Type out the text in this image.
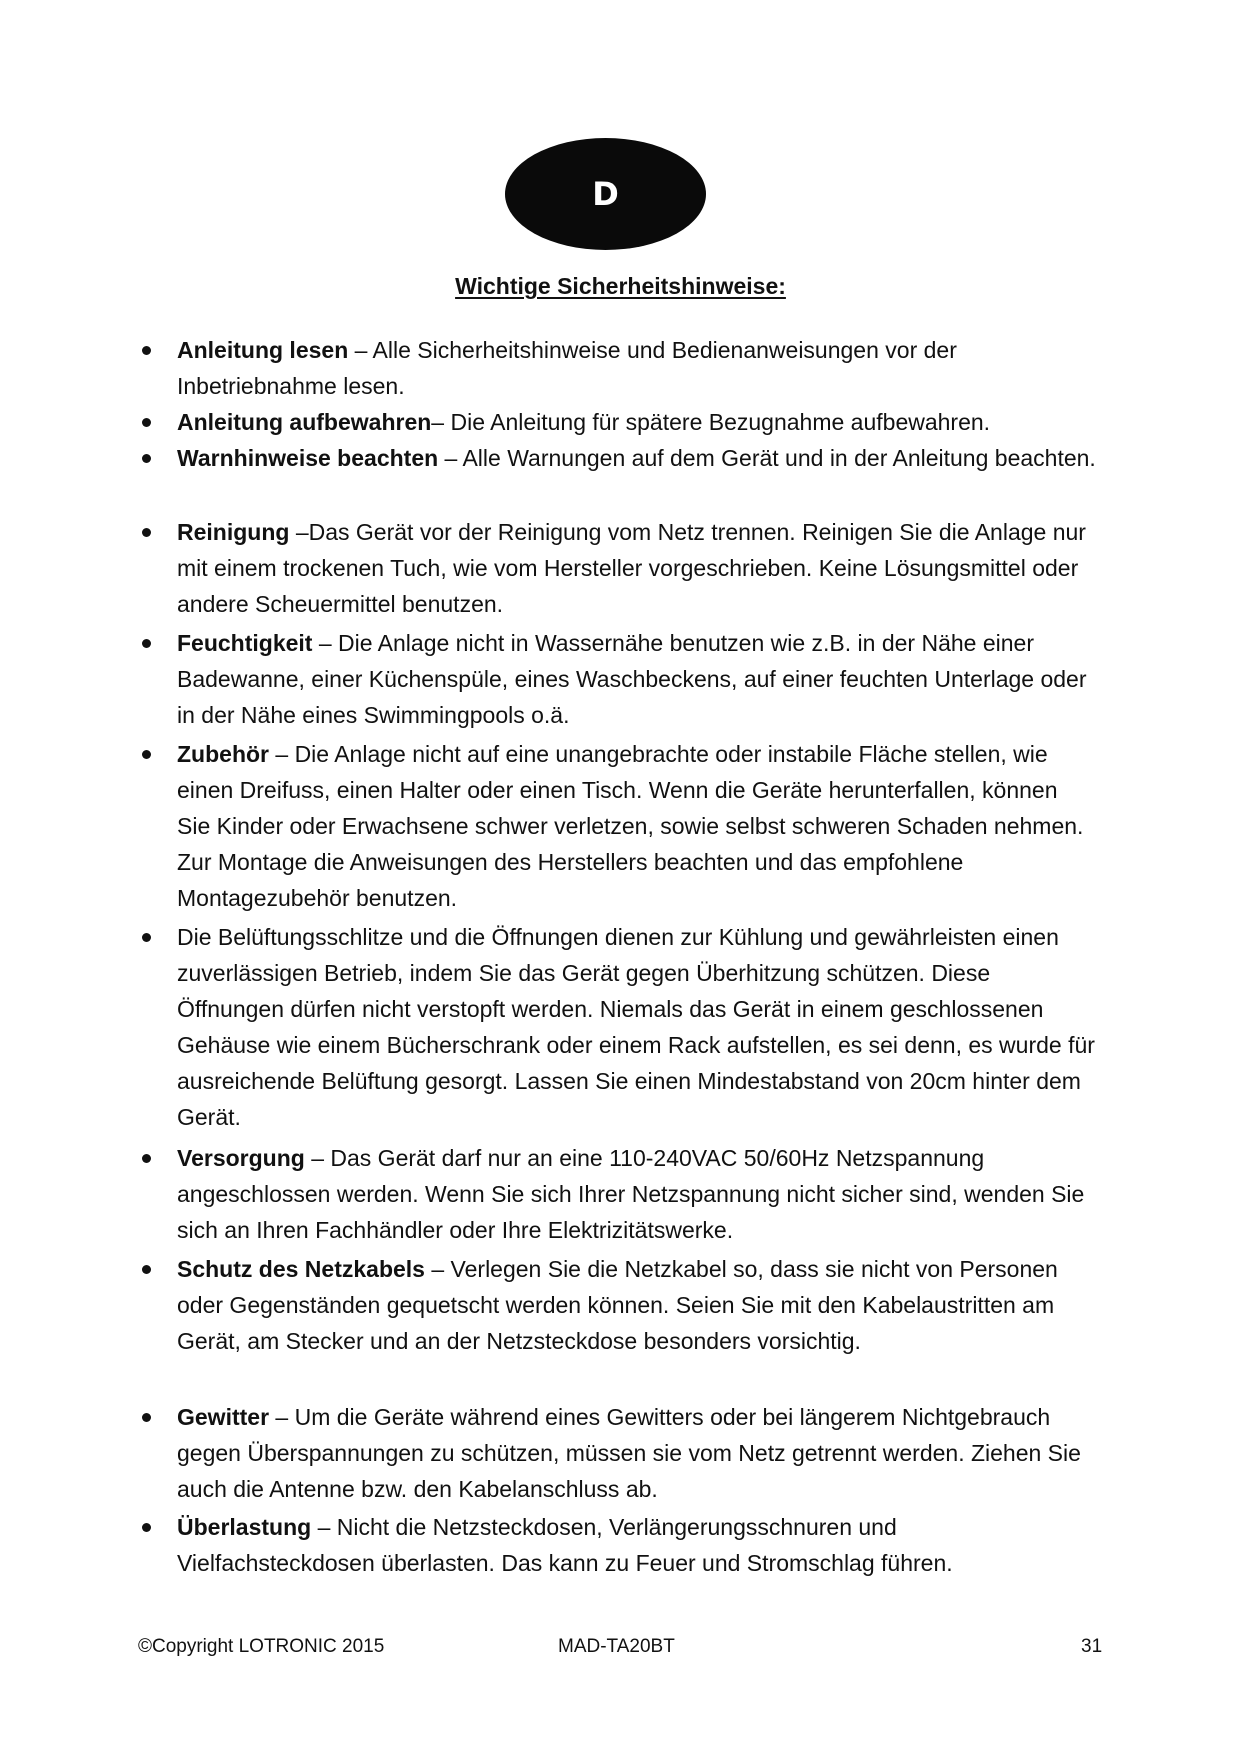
D
Wichtige Sicherheitshinweise:
Anleitung lesen – Alle Sicherheitshinweise und Bedienanweisungen vor der Inbetriebnahme lesen.
Anleitung aufbewahren– Die Anleitung für spätere Bezugnahme aufbewahren.
Warnhinweise beachten – Alle Warnungen auf dem Gerät und in der Anleitung beachten.
Reinigung –Das Gerät vor der Reinigung vom Netz trennen. Reinigen Sie die Anlage nur mit einem trockenen Tuch, wie vom Hersteller vorgeschrieben. Keine Lösungsmittel oder andere Scheuermittel benutzen.
Feuchtigkeit – Die Anlage nicht in Wassernähe benutzen wie z.B. in der Nähe einer Badewanne, einer Küchenspüle, eines Waschbeckens, auf einer feuchten Unterlage oder in der Nähe eines Swimmingpools o.ä.
Zubehör – Die Anlage nicht auf eine unangebrachte oder instabile Fläche stellen, wie einen Dreifuss, einen Halter oder einen Tisch. Wenn die Geräte herunterfallen, können Sie Kinder oder Erwachsene schwer verletzen, sowie selbst schweren Schaden nehmen. Zur Montage die Anweisungen des Herstellers beachten und das empfohlene Montagezubehör benutzen.
Die Belüftungsschlitze und die Öffnungen dienen zur Kühlung und gewährleisten einen zuverlässigen Betrieb, indem Sie das Gerät gegen Überhitzung schützen. Diese Öffnungen dürfen nicht verstopft werden. Niemals das Gerät in einem geschlossenen Gehäuse wie einem Bücherschrank oder einem Rack aufstellen, es sei denn, es wurde für ausreichende Belüftung gesorgt. Lassen Sie einen Mindestabstand von 20cm hinter dem Gerät.
Versorgung – Das Gerät darf nur an eine 110-240VAC 50/60Hz Netzspannung angeschlossen werden. Wenn Sie sich Ihrer Netzspannung nicht sicher sind, wenden Sie sich an Ihren Fachhändler oder Ihre Elektrizitätswerke.
Schutz des Netzkabels – Verlegen Sie die Netzkabel so, dass sie nicht von Personen oder Gegenständen gequetscht werden können. Seien Sie mit den Kabelaustritten am Gerät, am Stecker und an der Netzsteckdose besonders vorsichtig.
Gewitter – Um die Geräte während eines Gewitters oder bei längerem Nichtgebrauch gegen Überspannungen zu schützen, müssen sie vom Netz getrennt werden. Ziehen Sie auch die Antenne bzw. den Kabelanschluss ab.
Überlastung – Nicht die Netzsteckdosen, Verlängerungsschnuren und Vielfachsteckdosen überlasten. Das kann zu Feuer und Stromschlag führen.
©Copyright LOTRONIC 2015	MAD-TA20BT	31
